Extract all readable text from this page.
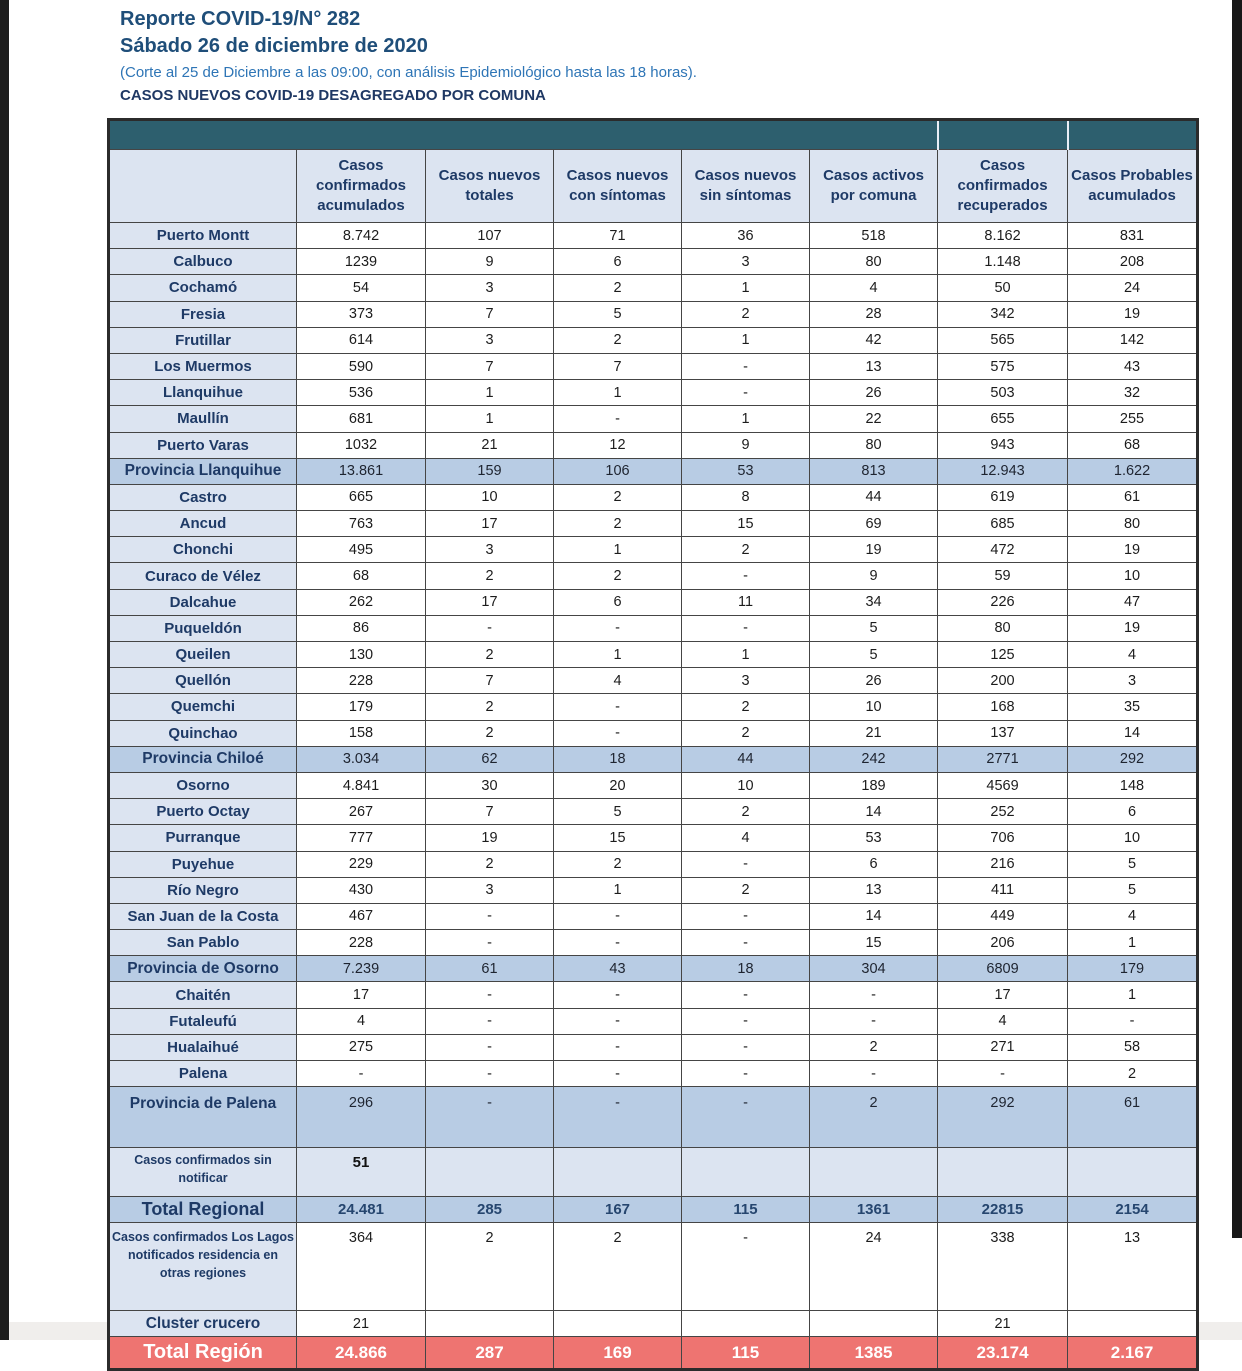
Reporte COVID-19/N° 282
Sábado 26 de diciembre de 2020
(Corte al 25 de Diciembre a las 09:00, con análisis Epidemiológico hasta las 18 horas).
CASOS NUEVOS COVID-19 DESAGREGADO POR COMUNA

	Casos confirmados acumulados	Casos nuevos totales	Casos nuevos con síntomas	Casos nuevos sin síntomas	Casos activos por comuna	Casos confirmados recuperados	Casos Probables acumulados
Puerto Montt	8.742	107	71	36	518	8.162	831
Calbuco	1239	9	6	3	80	1.148	208
Cochamó	54	3	2	1	4	50	24
Fresia	373	7	5	2	28	342	19
Frutillar	614	3	2	1	42	565	142
Los Muermos	590	7	7	-	13	575	43
Llanquihue	536	1	1	-	26	503	32
Maullín	681	1	-	1	22	655	255
Puerto Varas	1032	21	12	9	80	943	68
Provincia Llanquihue	13.861	159	106	53	813	12.943	1.622
Castro	665	10	2	8	44	619	61
Ancud	763	17	2	15	69	685	80
Chonchi	495	3	1	2	19	472	19
Curaco de Vélez	68	2	2	-	9	59	10
Dalcahue	262	17	6	11	34	226	47
Puqueldón	86	-	-	-	5	80	19
Queilen	130	2	1	1	5	125	4
Quellón	228	7	4	3	26	200	3
Quemchi	179	2	-	2	10	168	35
Quinchao	158	2	-	2	21	137	14
Provincia Chiloé	3.034	62	18	44	242	2771	292
Osorno	4.841	30	20	10	189	4569	148
Puerto Octay	267	7	5	2	14	252	6
Purranque	777	19	15	4	53	706	10
Puyehue	229	2	2	-	6	216	5
Río Negro	430	3	1	2	13	411	5
San Juan de la Costa	467	-	-	-	14	449	4
San Pablo	228	-	-	-	15	206	1
Provincia de Osorno	7.239	61	43	18	304	6809	179
Chaitén	17	-	-	-	-	17	1
Futaleufú	4	-	-	-	-	4	-
Hualaihué	275	-	-	-	2	271	58
Palena	-	-	-	-	-	-	2
Provincia de Palena	296	-	-	-	2	292	61
Casos confirmados sin notificar	51						
Total Regional	24.481	285	167	115	1361	22815	2154
Casos confirmados Los Lagos notificados residencia en otras regiones	364	2	2	-	24	338	13
Cluster crucero	21					21	
Total Región	24.866	287	169	115	1385	23.174	2.167
